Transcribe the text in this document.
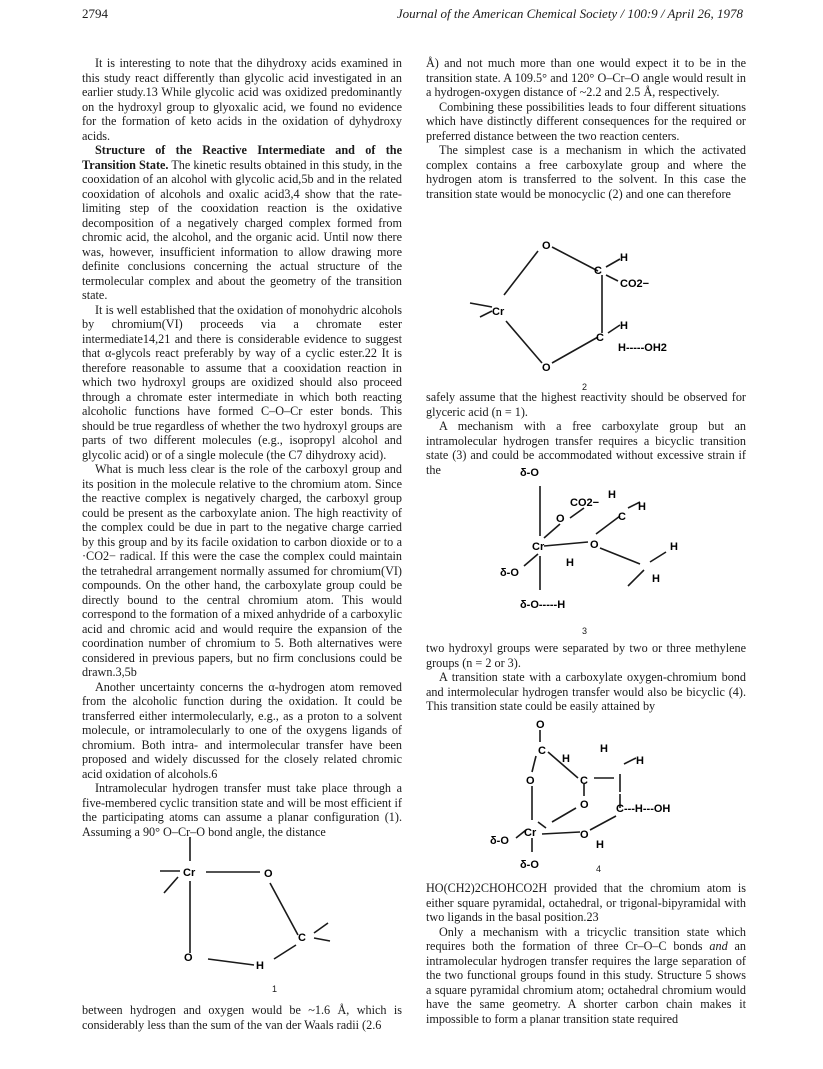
2794	Journal of the American Chemical Society / 100:9 / April 26, 1978

It is interesting to note that the dihydroxy acids examined in this study react differently than glycolic acid investigated in an earlier study.13 While glycolic acid was oxidized predominantly on the hydroxyl group to glyoxalic acid, we found no evidence for the formation of keto acids in the oxidation of dyhydroxy acids.

Structure of the Reactive Intermediate and of the Transition State. The kinetic results obtained in this study, in the cooxidation of an alcohol with glycolic acid,5b and in the related cooxidation of alcohols and oxalic acid3,4 show that the rate-limiting step of the cooxidation reaction is the oxidative decomposition of a negatively charged complex formed from chromic acid, the alcohol, and the organic acid. Until now there was, however, insufficient information to allow drawing more definite conclusions concerning the actual structure of the termolecular complex and about the geometry of the transition state.

It is well established that the oxidation of monohydric alcohols by chromium(VI) proceeds via a chromate ester intermediate14,21 and there is considerable evidence to suggest that α-glycols react preferably by way of a cyclic ester.22 It is therefore reasonable to assume that a cooxidation reaction in which two hydroxyl groups are oxidized should also proceed through a chromate ester intermediate in which both reacting alcoholic functions have formed C–O–Cr ester bonds. This should be true regardless of whether the two hydroxyl groups are parts of two different molecules (e.g., isopropyl alcohol and glycolic acid) or of a single molecule (the C7 dihydroxy acid).

What is much less clear is the role of the carboxyl group and its position in the molecule relative to the chromium atom. Since the reactive complex is negatively charged, the carboxyl group could be present as the carboxylate anion. The high reactivity of the complex could be due in part to the negative charge carried by this group and by its facile oxidation to carbon dioxide or to a ·CO2− radical. If this were the case the complex could maintain the tetrahedral arrangement normally assumed for chromium(VI) compounds. On the other hand, the carboxylate group could be directly bound to the central chromium atom. This would correspond to the formation of a mixed anhydride of a carboxylic acid and chromic acid and would require the expansion of the coordination number of chromium to 5. Both alternatives were considered in previous papers, but no firm conclusions could be drawn.3,5b

Another uncertainty concerns the α-hydrogen atom removed from the alcoholic function during the oxidation. It could be transferred either intermolecularly, e.g., as a proton to a solvent molecule, or intramolecularly to one of the oxygens ligands of chromium. Both intra- and intermolecular transfer have been proposed and widely discussed for the closely related chromic acid oxidation of alcohols.6

Intramolecular hydrogen transfer must take place through a five-membered cyclic transition state and will be most efficient if the participating atoms can assume a planar configuration (1). Assuming a 90° O–Cr–O bond angle, the distance

Cr	O
O
C
H
1

between hydrogen and oxygen would be ~1.6 Å, which is considerably less than the sum of the van der Waals radii (2.6

Å) and not much more than one would expect it to be in the transition state. A 109.5° and 120° O–Cr–O angle would result in a hydrogen-oxygen distance of ~2.2 and 2.5 Å, respectively.

Combining these possibilities leads to four different situations which have distinctly different consequences for the required or preferred distance between the two reaction centers.

The simplest case is a mechanism in which the activated complex contains a free carboxylate group and where the hydrogen atom is transferred to the solvent. In this case the transition state would be monocyclic (2) and one can therefore

O
C
H
CO2−
Cr
C
H
H-----OH2
O
2

safely assume that the highest reactivity should be observed for glyceric acid (n = 1).

A mechanism with a free carboxylate group but an intramolecular hydrogen transfer requires a bicyclic transition state (3) and could be accommodated without excessive strain if the	δ-O
O
CO2−
H
H
Cr
C
O
H
δ-O
H
H
δ-O-----H
3

two hydroxyl groups were separated by two or three methylene groups (n = 2 or 3).

A transition state with a carboxylate oxygen-chromium bond and intermolecular hydrogen transfer would also be bicyclic (4). This transition state could be easily attained by

O
C
O
H
H
C
H
O C---H---OH
Cr
δ-O	O
H
δ-O	4

HO(CH2)2CHOHCO2H provided that the chromium atom is either square pyramidal, octahedral, or trigonal-bipyramidal with two ligands in the basal position.23

Only a mechanism with a tricyclic transition state which requires both the formation of three Cr–O–C bonds and an intramolecular hydrogen transfer requires the large separation of the two functional groups found in this study. Structure 5 shows a square pyramidal chromium atom; octahedral chromium would have the same geometry. A shorter carbon chain makes it impossible to form a planar transition state required
